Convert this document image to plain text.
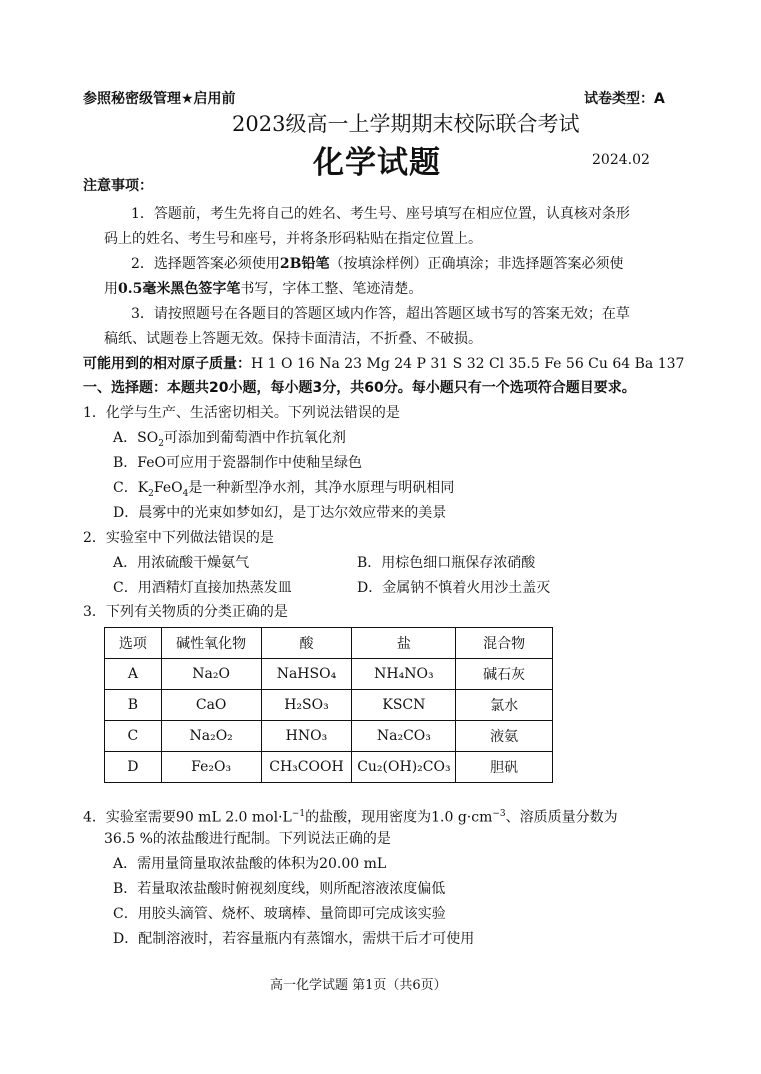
参照秘密级管理★启用前	试卷类型：A
2023级高一上学期期末校际联合考试
化学试题	2024.02
注意事项：
1．答题前，考生先将自己的姓名、考生号、座号填写在相应位置，认真核对条形
码上的姓名、考生号和座号，并将条形码粘贴在指定位置上。
2．选择题答案必须使用2B铅笔（按填涂样例）正确填涂；非选择题答案必须使
用0.5毫米黑色签字笔书写，字体工整、笔迹清楚。
3．请按照题号在各题目的答题区域内作答，超出答题区域书写的答案无效；在草
稿纸、试题卷上答题无效。保持卡面清洁，不折叠、不破损。
可能用到的相对原子质量：H 1 O 16 Na 23 Mg 24 P 31 S 32 Cl 35.5 Fe 56 Cu 64 Ba 137
一、选择题：本题共20小题，每小题3分，共60分。每小题只有一个选项符合题目要求。
1．化学与生产、生活密切相关。下列说法错误的是
A．$SO_2$可添加到葡萄酒中作抗氧化剂
B．FeO可应用于瓷器制作中使釉呈绿色
C．$K_2FeO_4$是一种新型净水剂，其净水原理与明矾相同
D．晨雾中的光束如梦如幻，是丁达尔效应带来的美景
2．实验室中下列做法错误的是
A．用浓硫酸干燥氨气	B．用棕色细口瓶保存浓硝酸
C．用酒精灯直接加热蒸发皿	D．金属钠不慎着火用沙土盖灭
3．下列有关物质的分类正确的是
选项	碱性氧化物	酸	盐	混合物
A	Na₂O	NaHSO₄	NH₄NO₃	碱石灰
B	CaO	H₂SO₃	KSCN	氯水
C	Na₂O₂	HNO₃	Na₂CO₃	液氨
D	Fe₂O₃	CH₃COOH	Cu₂(OH)₂CO₃	胆矾
4．实验室需要90 mL 2.0 $mol\cdot L^{-1}$的盐酸，现用密度为1.0 $g\cdot cm^{-3}$、溶质质量分数为
36.5 %的浓盐酸进行配制。下列说法正确的是
A．需用量筒量取浓盐酸的体积为20.00 mL
B．若量取浓盐酸时俯视刻度线，则所配溶液浓度偏低
C．用胶头滴管、烧杯、玻璃棒、量筒即可完成该实验
D．配制溶液时，若容量瓶内有蒸馏水，需烘干后才可使用
高一化学试题 第1页（共6页）
